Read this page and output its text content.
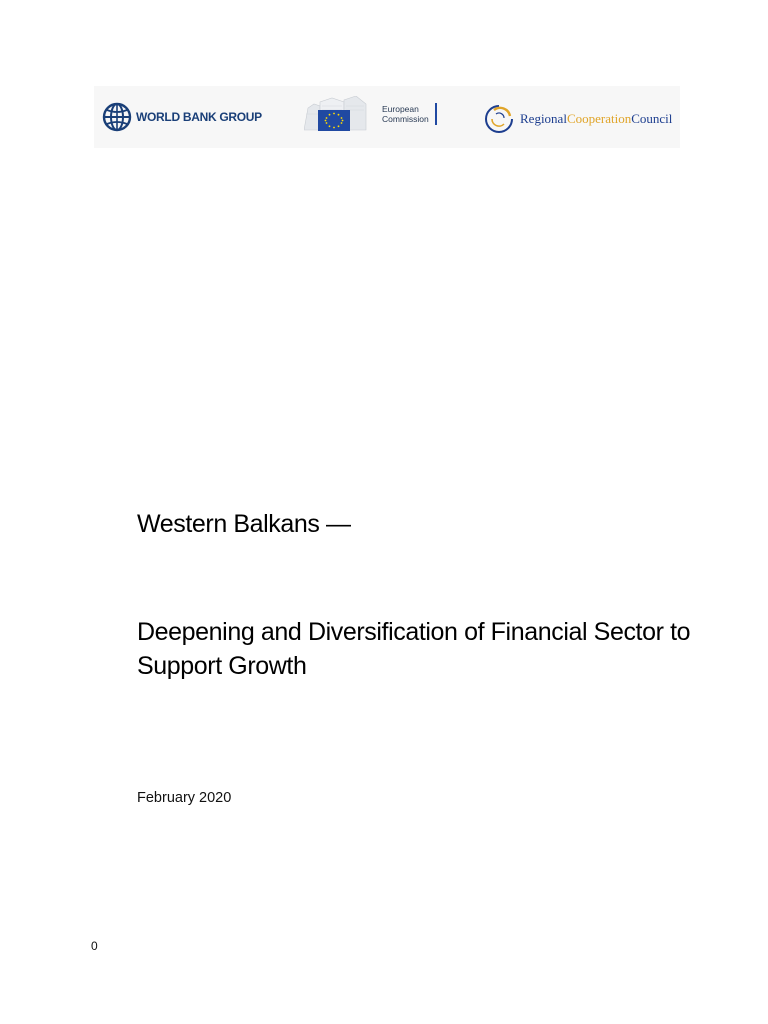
WORLD BANK GROUP
European
Commission	RegionalCooperationCouncil
Western Balkans —
Deepening and Diversification of Financial Sector to Support Growth
February 2020
0
